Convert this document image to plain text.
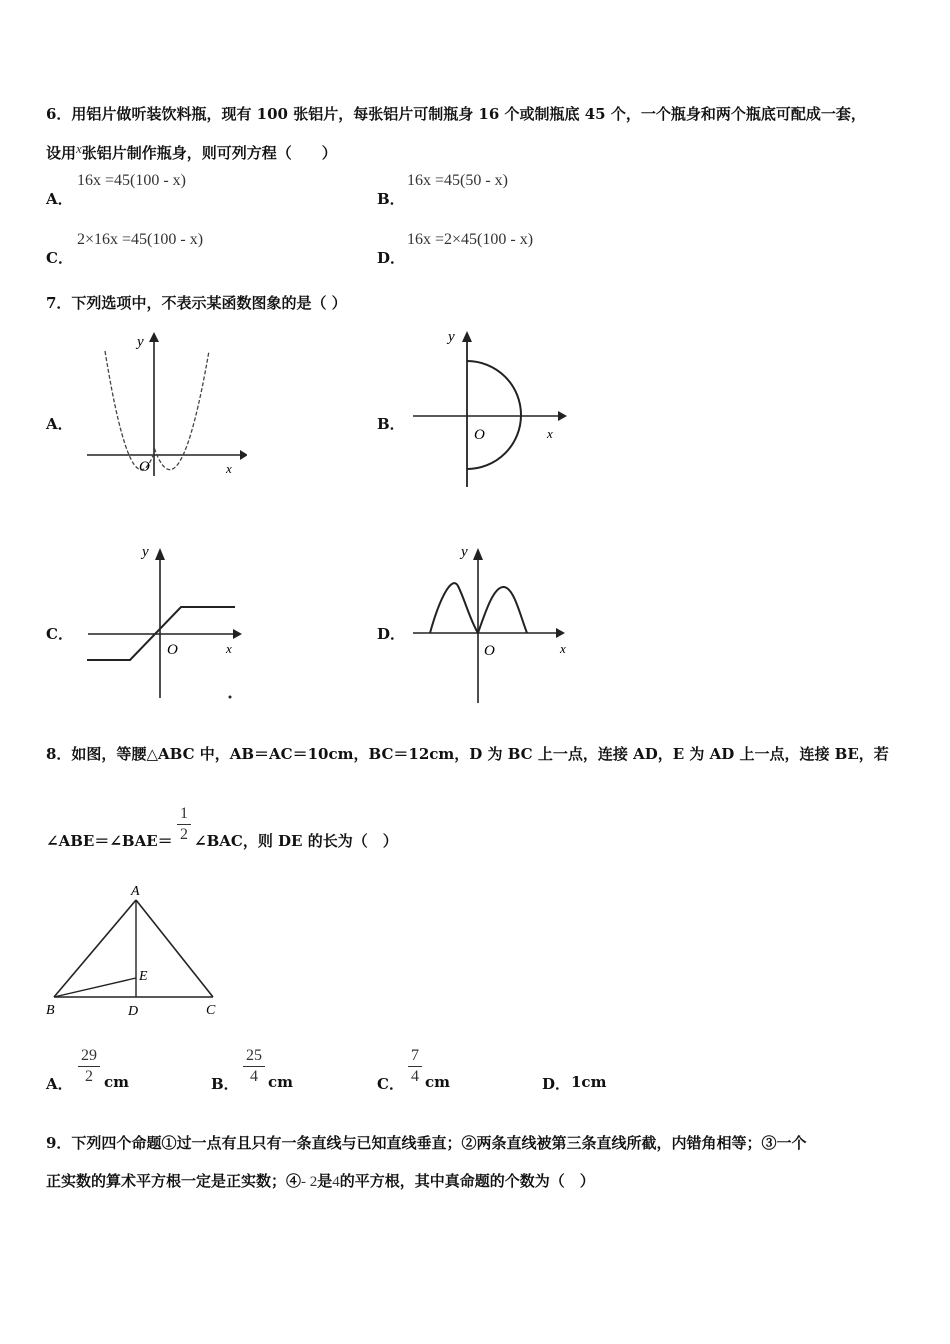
6．用铝片做听装饮料瓶，现有 100 张铝片，每张铝片可制瓶身 16 个或制瓶底 45 个，一个瓶身和两个瓶底可配成一套，
设用x张铝片制作瓶身，则可列方程（　　）
A．
16x =45(100 - x)
B．
16x =45(50 - x)
C．
2×16x =45(100 - x)
D．
16x =2×45(100 - x)
7．下列选项中，不表示某函数图象的是（ ）
A．
y
O	x
B．
y
O	x
C．
y
O	x
D．
y
O	x
8．如图，等腰△ABC 中，AB＝AC＝10cm，BC＝12cm，D 为 BC 上一点，连接 AD，E 为 AD 上一点，连接 BE，若
∠ABE＝∠BAE＝
1
2 ∠BAC，则 DE 的长为（　）
A
B	C
D
E
A．
29
2 cm	B．
25
4 cm	C．
7
4 cm	D． 1cm
9．下列四个命题①过一点有且只有一条直线与已知直线垂直；②两条直线被第三条直线所截，内错角相等；③一个
正实数的算术平方根一定是正实数；④- 2是4的平方根，其中真命题的个数为（　）
